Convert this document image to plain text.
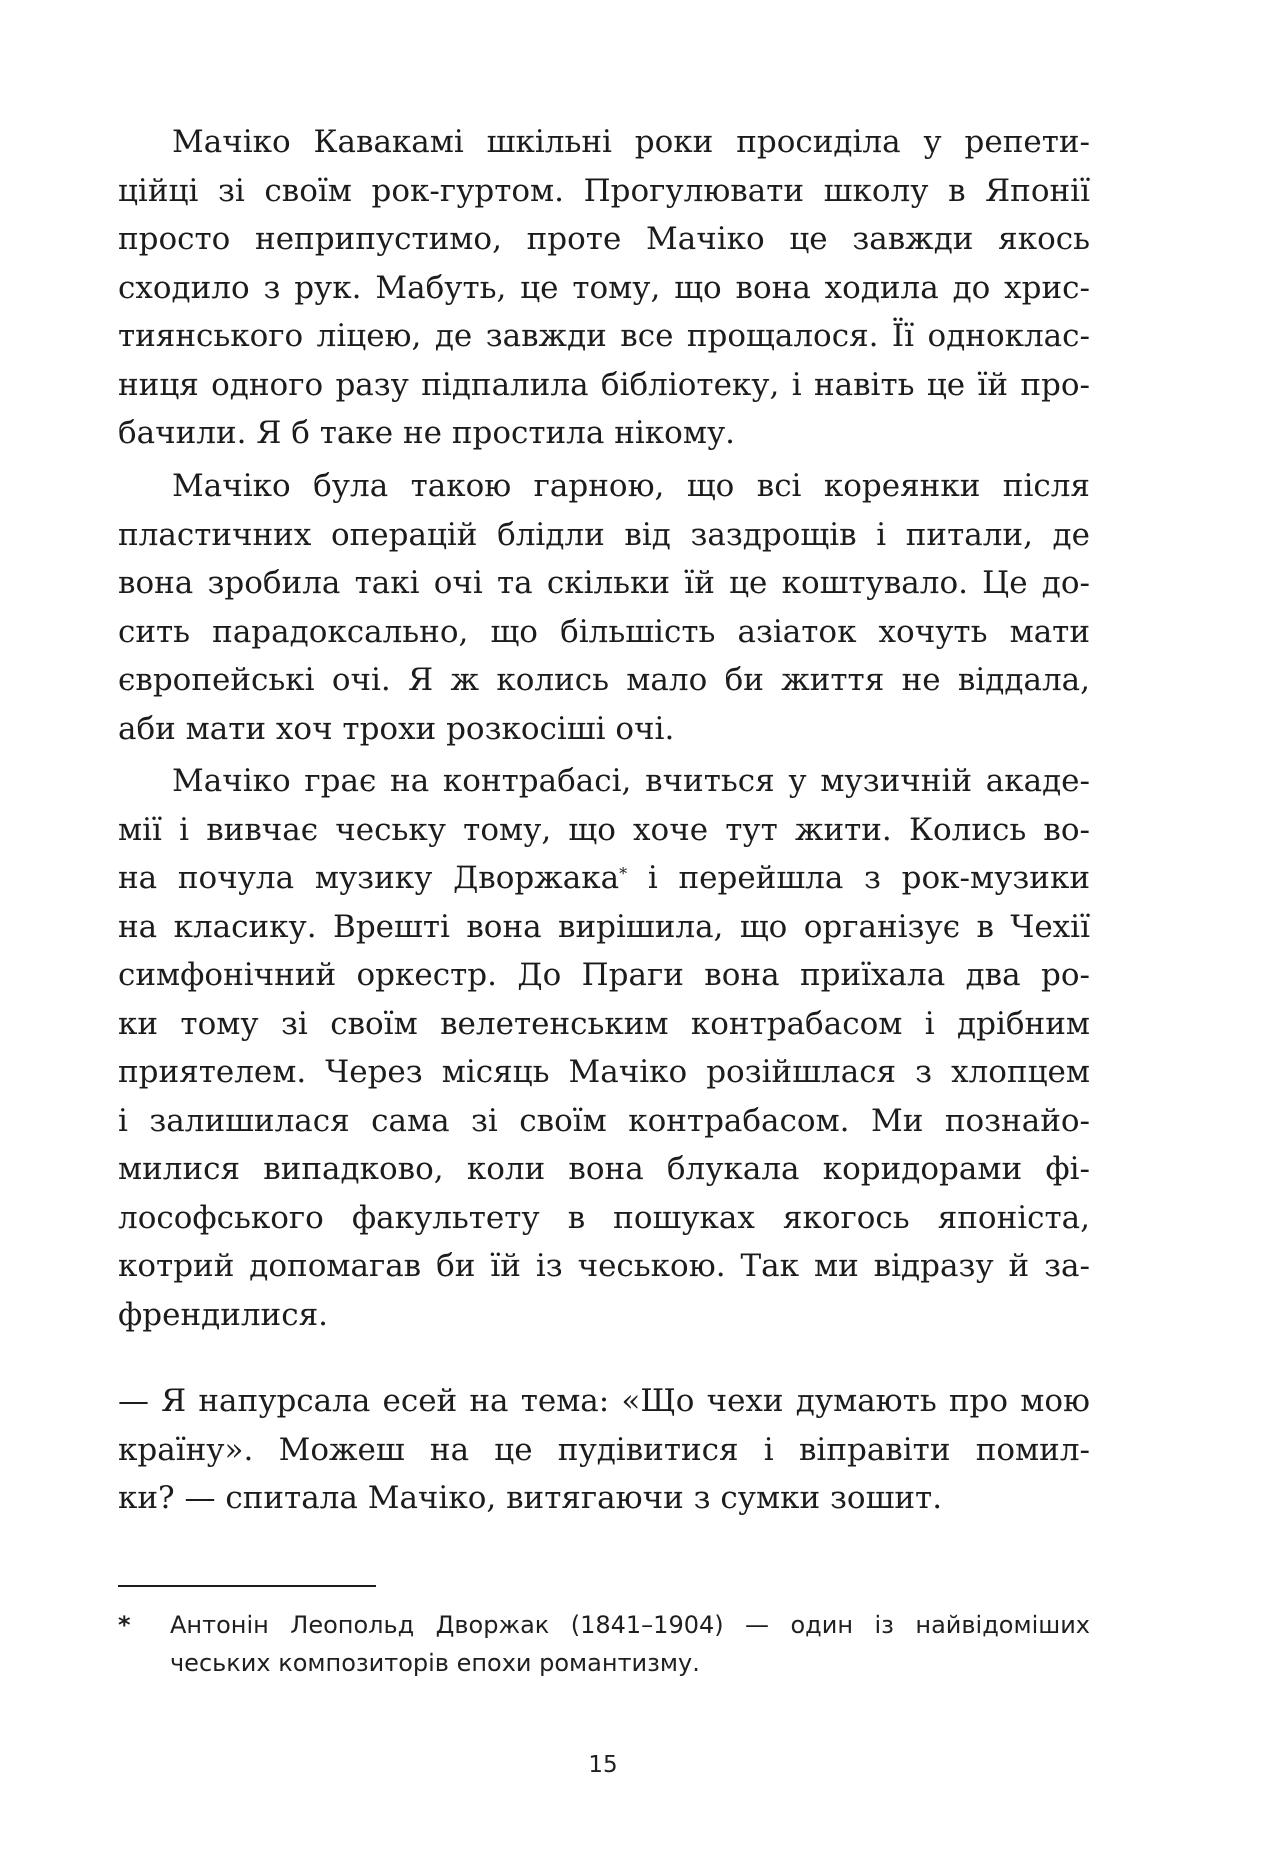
Мачіко Кавакамі шкільні роки просиділа у репети-
ційці зі своїм рок-гуртом. Прогулювати школу в Японії
просто неприпустимо, проте Мачіко це завжди якось
сходило з рук. Мабуть, це тому, що вона ходила до хрис-
тиянського ліцею, де завжди все прощалося. Її одноклас-
ниця одного разу підпалила бібліотеку, і навіть це їй про-
бачили. Я б таке не простила нікому.
Мачіко була такою гарною, що всі кореянки після
пластичних операцій блідли від заздрощів і питали, де
вона зробила такі очі та скільки їй це коштувало. Це до-
сить парадоксально, що більшість азіаток хочуть мати
європейські очі. Я ж колись мало би життя не віддала,
аби мати хоч трохи розкосіші очі.
Мачіко грає на контрабасі, вчиться у музичній акаде-
мії і вивчає чеську тому, що хоче тут жити. Колись во-
на почула музику Дворжака* і перейшла з рок-музики
на класику. Врешті вона вирішила, що організує в Чехії
симфонічний оркестр. До Праги вона приїхала два ро-
ки тому зі своїм велетенським контрабасом і дрібним
приятелем. Через місяць Мачіко розійшлася з хлопцем
і залишилася сама зі своїм контрабасом. Ми познайо-
милися випадково, коли вона блукала коридорами фі-
лософського факультету в пошуках якогось японіста,
котрий допомагав би їй із чеською. Так ми відразу й за-
френдилися.
— Я напурсала есей на тема: «Що чехи думають про мою
країну». Можеш на це пудівитися і віправіти помил-
ки? — спитала Мачіко, витягаючи з сумки зошит.
* Антонін Леопольд Дворжак (1841–1904) — один із найвідоміших
чеських композиторів епохи романтизму.
15
